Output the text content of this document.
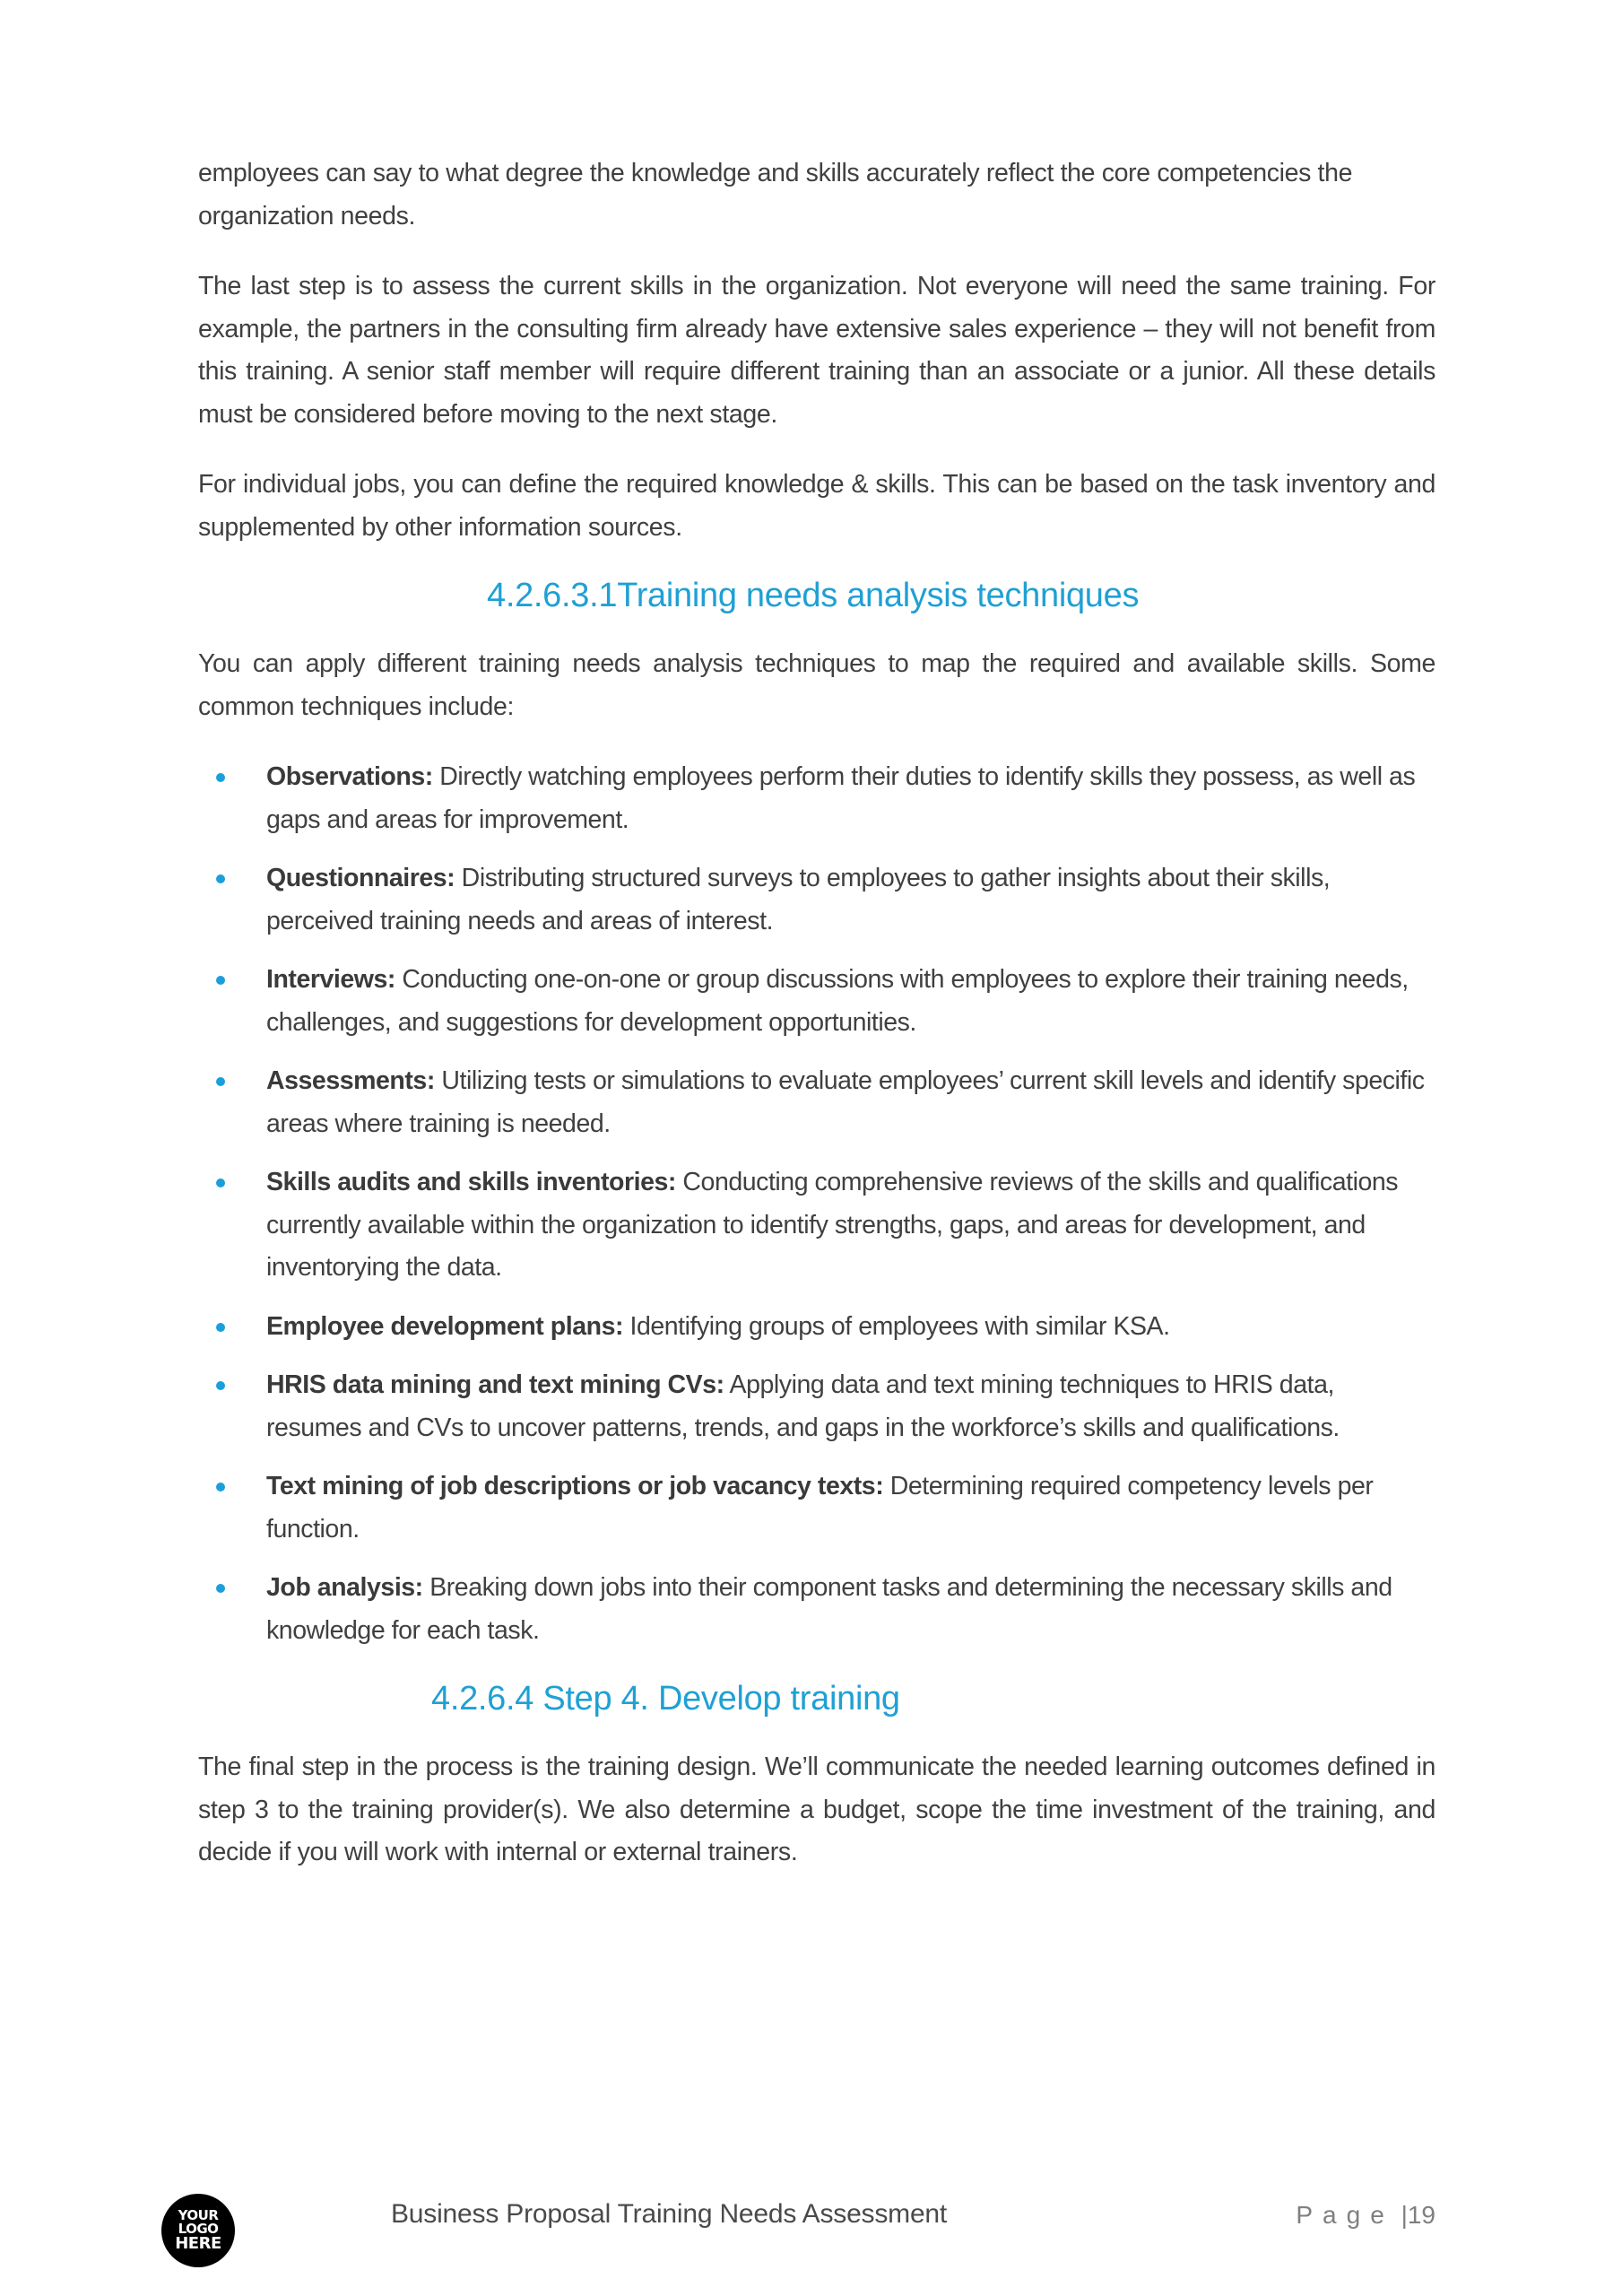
employees can say to what degree the knowledge and skills accurately reflect the core competencies the organization needs.

The last step is to assess the current skills in the organization. Not everyone will need the same training. For example, the partners in the consulting firm already have extensive sales experience – they will not benefit from this training. A senior staff member will require different training than an associate or a junior. All these details must be considered before moving to the next stage.

For individual jobs, you can define the required knowledge & skills. This can be based on the task inventory and supplemented by other information sources.

4.2.6.3.1Training needs analysis techniques

You can apply different training needs analysis techniques to map the required and available skills. Some common techniques include:

Observations: Directly watching employees perform their duties to identify skills they possess, as well as gaps and areas for improvement.
Questionnaires: Distributing structured surveys to employees to gather insights about their skills, perceived training needs and areas of interest.
Interviews: Conducting one-on-one or group discussions with employees to explore their training needs, challenges, and suggestions for development opportunities.
Assessments: Utilizing tests or simulations to evaluate employees’ current skill levels and identify specific areas where training is needed.
Skills audits and skills inventories: Conducting comprehensive reviews of the skills and qualifications currently available within the organization to identify strengths, gaps, and areas for development, and inventorying the data.
Employee development plans: Identifying groups of employees with similar KSA.
HRIS data mining and text mining CVs: Applying data and text mining techniques to HRIS data, resumes and CVs to uncover patterns, trends, and gaps in the workforce’s skills and qualifications.
Text mining of job descriptions or job vacancy texts: Determining required competency levels per function.
Job analysis: Breaking down jobs into their component tasks and determining the necessary skills and knowledge for each task.
4.2.6.4 Step 4. Develop training

The final step in the process is the training design. We’ll communicate the needed learning outcomes defined in step 3 to the training provider(s). We also determine a budget, scope the time investment of the training, and decide if you will work with internal or external trainers.

YOUR
LOGO
HERE
Business Proposal Training Needs Assessment	Page |19
